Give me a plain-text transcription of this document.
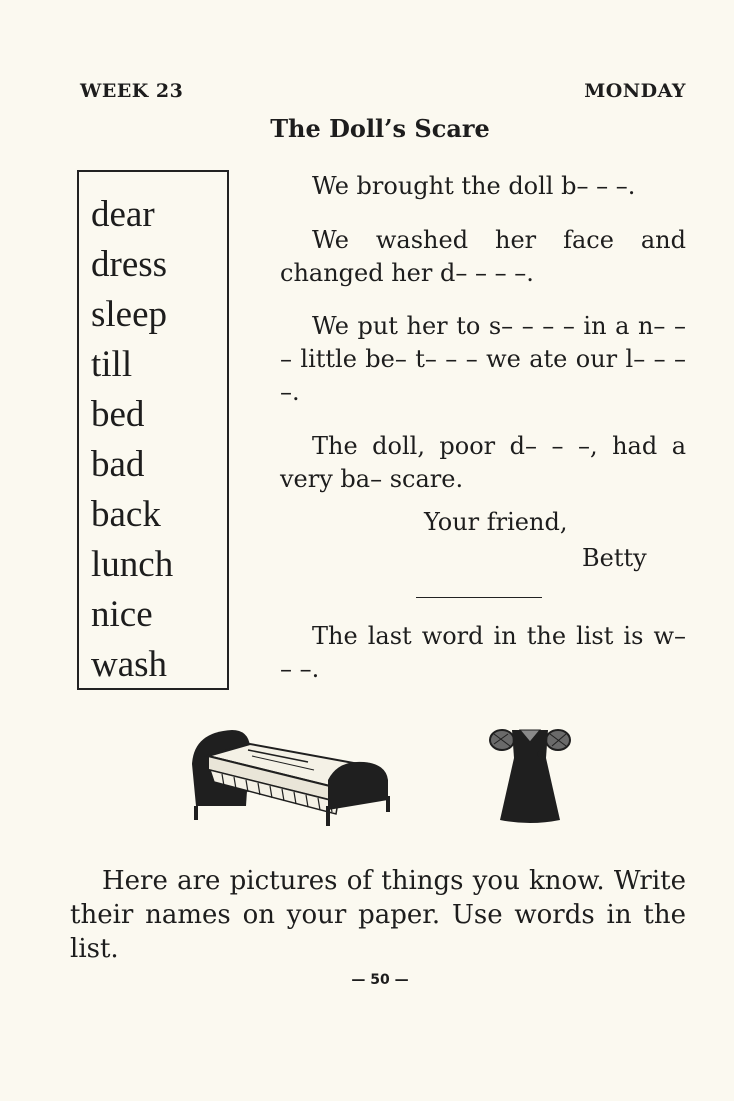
WEEK 23	MONDAY
The Doll’s Scare
dear
dress
sleep
till
bed
bad
back
lunch
nice
wash
We brought the doll b– – –.
We washed her face and changed her d– – – –.
We put her to s– – – – in a n– – – little be– t– – – we ate our l– – – –.
The doll, poor d– – –, had a very ba– scare.
Your friend,
Betty
The last word in the list is w– – –.
Here are pictures of things you know. Write their names on your paper. Use words in the list.
— 50 —
